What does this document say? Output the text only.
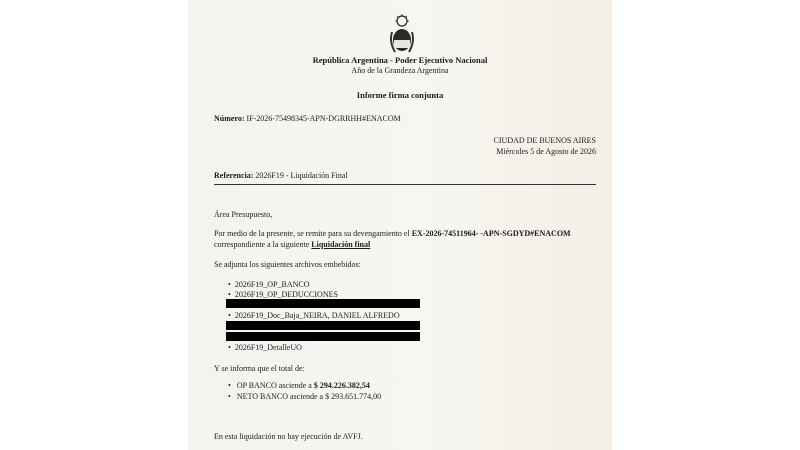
República Argentina - Poder Ejecutivo Nacional
Año de la Grandeza Argentina
Informe firma conjunta
Número: IF-2026-75498345-APN-DGRRHH#ENACOM
CIUDAD DE BUENOS AIRES
Miércoles 5 de Agosto de 2026
Referencia: 2026F19 - Liquidación Final
Área Presupuesto,
Por medio de la presente, se remite para su devengamiento el EX-2026-74511964- -APN-SGDYD#ENACOM
correspondiente a la siguiente Liquidación final
Se adjunta los siguientes archivos embebidos:
• 2026F19_OP_BANCO
• 2026F19_OP_DEDUCCIONES
• 2026F19_Doc_Baja_NEIRA, DANIEL ALFREDO
• 2026F19_DetalleUO
Y se informa que el total de:
• OP BANCO asciende a $ 294.226.382,54
• NETO BANCO asciende a $ 293.651.774,00
En esta liquidación no hay ejecución de AVFJ.
